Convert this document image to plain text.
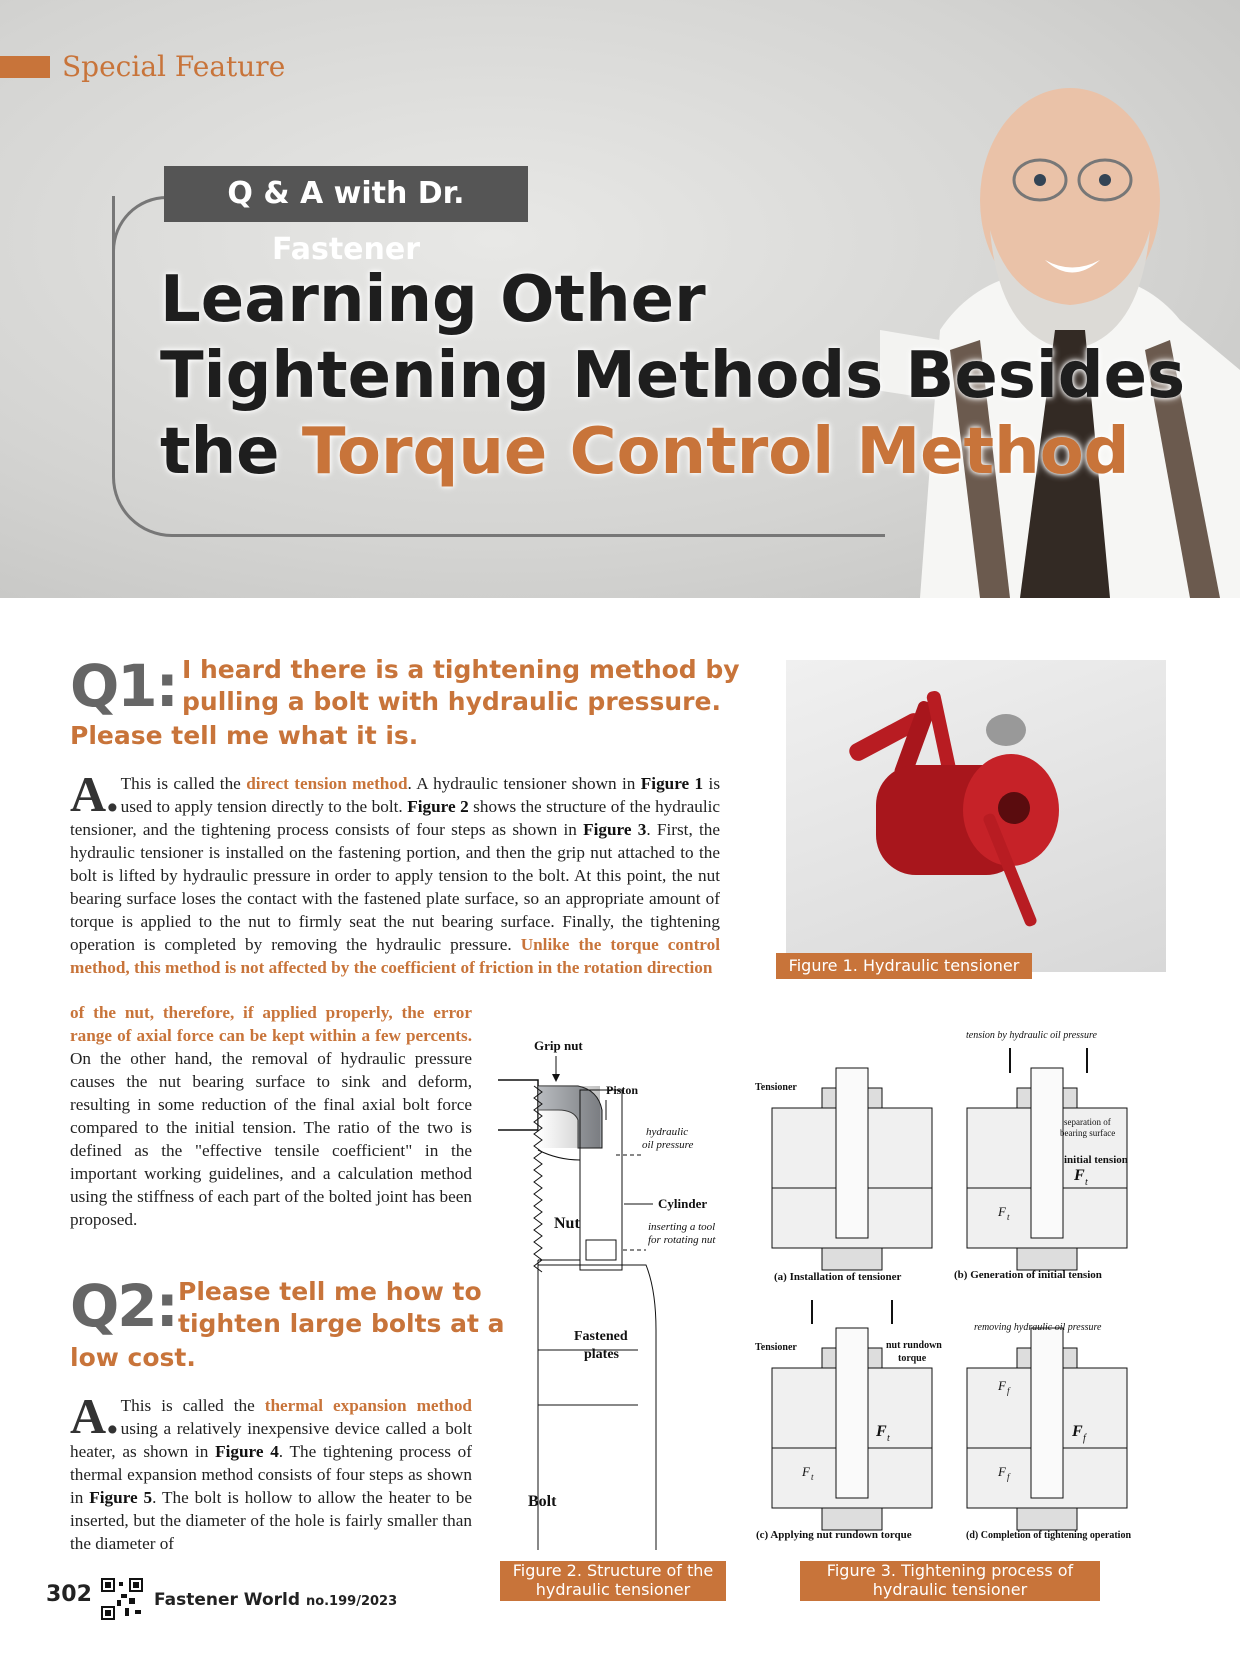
Special Feature
Q & A with Dr. Fastener
Learning Other
Tightening Methods Besides
the Torque Control Method
Q1: I heard there is a tightening method by
pulling a bolt with hydraulic pressure.
Please tell me what it is.
A. This is called the direct tension method. A hydraulic tensioner shown in Figure 1 is used to apply tension directly to the bolt. Figure 2 shows the structure of the hydraulic tensioner, and the tightening process consists of four steps as shown in Figure 3. First, the hydraulic tensioner is installed on the fastening portion, and then the grip nut attached to the bolt is lifted by hydraulic pressure in order to apply tension to the bolt. At this point, the nut bearing surface loses the contact with the fastened plate surface, so an appropriate amount of torque is applied to the nut to firmly seat the nut bearing surface. Finally, the tightening operation is completed by removing the hydraulic pressure. Unlike the torque control method, this method is not affected by the coefficient of friction in the rotation direction
of the nut, therefore, if applied properly, the error range of axial force can be kept within a few percents. On the other hand, the removal of hydraulic pressure causes the nut bearing surface to sink and deform, resulting in some reduction of the final axial bolt force compared to the initial tension. The ratio of the two is defined as the "effective tensile coefficient" in the important working guidelines, and a calculation method using the stiffness of each part of the bolted joint has been proposed.
Q2: Please tell me how to
tighten large bolts at a
low cost.
A. This is called the thermal expansion method using a relatively inexpensive device called a bolt heater, as shown in Figure 4. The tightening process of thermal expansion method consists of four steps as shown in Figure 5. The bolt is hollow to allow the heater to be inserted, but the diameter of the hole is fairly smaller than the diameter of
Figure 1. Hydraulic tensioner
Grip nut
Piston
hydraulic
oil pressure
Cylinder
Nut	inserting a tool
for rotating nut
Fastened
plates
Bolt
Figure 2. Structure of the
hydraulic tensioner
tension by hydraulic oil pressure
Tensioner
separation of
bearing surface
initial tension
F t
F t
(a) Installation of tensioner	(b) Generation of initial tension
removing hydraulic oil pressure
Tensioner	nut rundown
torque
F t
F t
F f
F f
F f
(c) Applying nut rundown torque	(d) Completion of tightening operation
Figure 3. Tightening process of
hydraulic tensioner
302	Fastener World no.199/2023
